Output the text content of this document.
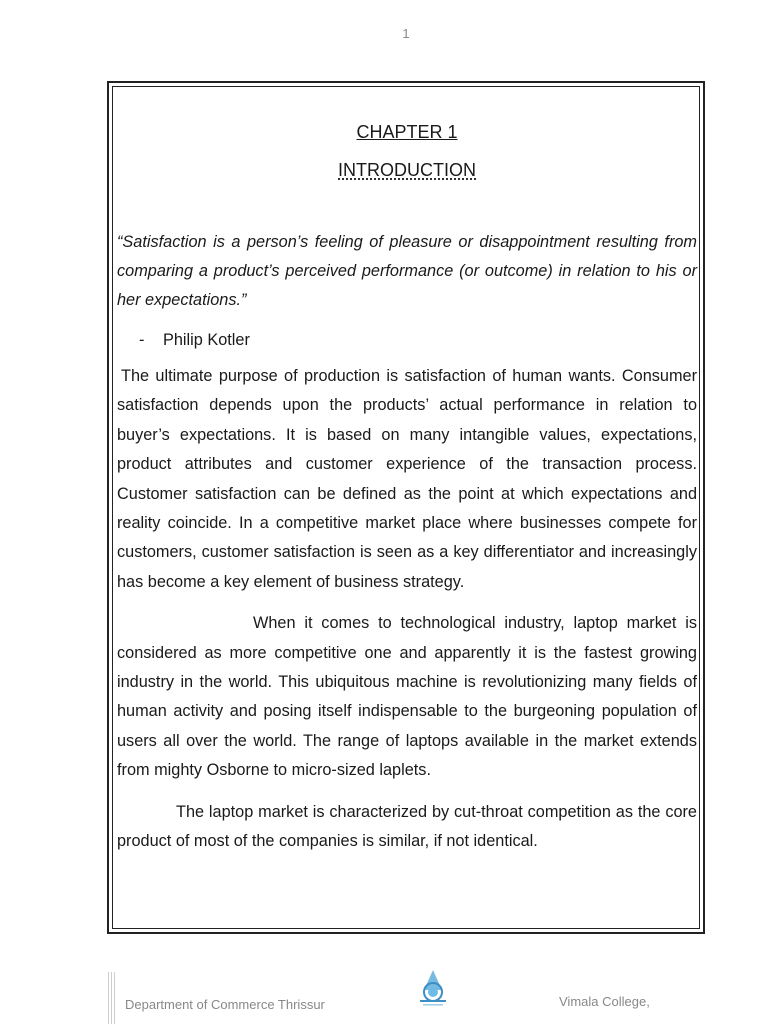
1
CHAPTER 1
INTRODUCTION
“Satisfaction is a person’s feeling of pleasure or disappointment resulting from comparing a product’s perceived performance (or outcome) in relation to his or her expectations.”
- Philip Kotler

The ultimate purpose of production is satisfaction of human wants. Consumer satisfaction depends upon the products’ actual performance in relation to buyer’s expectations. It is based on many intangible values, expectations, product attributes and customer experience of the transaction process. Customer satisfaction can be defined as the point at which expectations and reality coincide. In a competitive market place where businesses compete for customers, customer satisfaction is seen as a key differentiator and increasingly has become a key element of business strategy.

When it comes to technological industry, laptop market is considered as more competitive one and apparently it is the fastest growing industry in the world. This ubiquitous machine is revolutionizing many fields of human activity and posing itself indispensable to the burgeoning population of users all over the world. The range of laptops available in the market extends from mighty Osborne to micro-sized laplets.

The laptop market is characterized by cut-throat competition as the core product of most of the companies is similar, if not identical.

Department of Commerce Thrissur	Vimala College,
